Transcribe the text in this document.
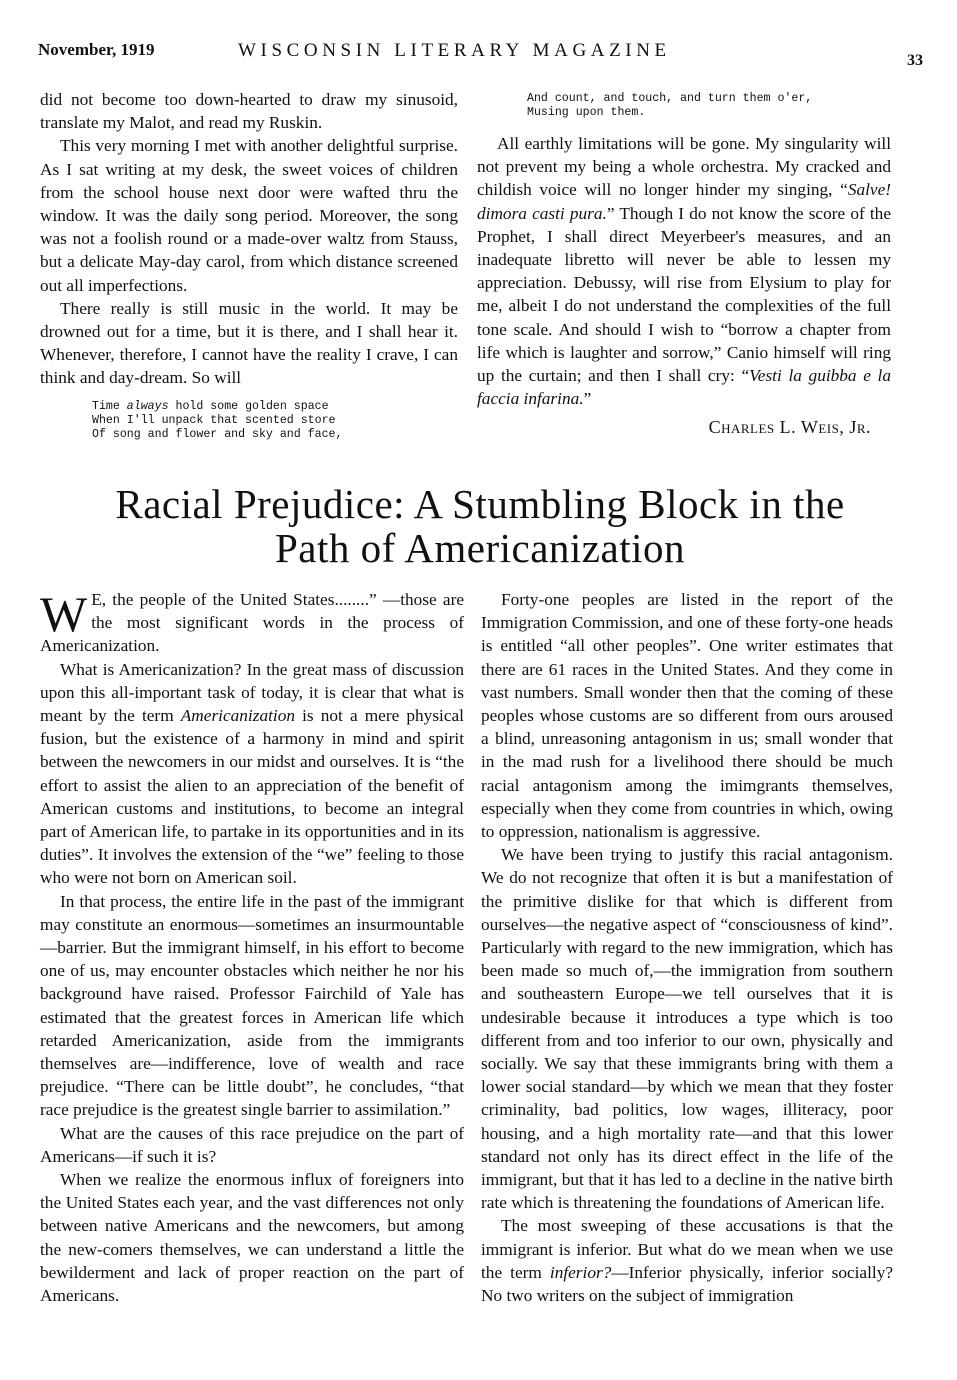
November, 1919	WISCONSIN LITERARY MAGAZINE	33

did not become too down-hearted to draw my sinusoid, translate my Malot, and read my Ruskin.

This very morning I met with another delightful surprise. As I sat writing at my desk, the sweet voices of children from the school house next door were wafted thru the window. It was the daily song period. Moreover, the song was not a foolish round or a made-over waltz from Stauss, but a delicate May-day carol, from which distance screened out all imperfections.

There really is still music in the world. It may be drowned out for a time, but it is there, and I shall hear it. Whenever, therefore, I cannot have the reality I crave, I can think and day-dream. So will

Time always hold some golden space
When I'll unpack that scented store
Of song and flower and sky and face,
And count, and touch, and turn them o'er,
Musing upon them.

All earthly limitations will be gone. My singularity will not prevent my being a whole orchestra. My cracked and childish voice will no longer hinder my singing, “Salve! dimora casti pura.” Though I do not know the score of the Prophet, I shall direct Meyerbeer's measures, and an inadequate libretto will never be able to lessen my appreciation. Debussy, will rise from Elysium to play for me, albeit I do not understand the complexities of the full tone scale. And should I wish to “borrow a chapter from life which is laughter and sorrow,” Canio himself will ring up the curtain; and then I shall cry: “Vesti la guibba e la faccia infarina.”

Charles L. Weis, Jr.
Racial Prejudice: A Stumbling Block in the
Path of Americanization

W E, the people of the United States........” —those are the most significant words in the process of Americanization.

What is Americanization? In the great mass of discussion upon this all-important task of today, it is clear that what is meant by the term Americanization is not a mere physical fusion, but the existence of a harmony in mind and spirit between the newcomers in our midst and ourselves. It is “the effort to assist the alien to an appreciation of the benefit of American customs and institutions, to become an integral part of American life, to partake in its opportunities and in its duties”. It involves the extension of the “we” feeling to those who were not born on American soil.

In that process, the entire life in the past of the immigrant may constitute an enormous—sometimes an insurmountable—barrier. But the immigrant himself, in his effort to become one of us, may encounter obstacles which neither he nor his background have raised. Professor Fairchild of Yale has estimated that the greatest forces in American life which retarded Americanization, aside from the immigrants themselves are—indifference, love of wealth and race prejudice. “There can be little doubt”, he concludes, “that race prejudice is the greatest single barrier to assimilation.”

What are the causes of this race prejudice on the part of Americans—if such it is?

When we realize the enormous influx of foreigners into the United States each year, and the vast differences not only between native Americans and the newcomers, but among the new-comers themselves, we can understand a little the bewilderment and lack of proper reaction on the part of Americans.

Forty-one peoples are listed in the report of the Immigration Commission, and one of these forty-one heads is entitled “all other peoples”. One writer estimates that there are 61 races in the United States. And they come in vast numbers. Small wonder then that the coming of these peoples whose customs are so different from ours aroused a blind, unreasoning antagonism in us; small wonder that in the mad rush for a livelihood there should be much racial antagonism among the imimgrants themselves, especially when they come from countries in which, owing to oppression, nationalism is aggressive.

We have been trying to justify this racial antagonism. We do not recognize that often it is but a manifestation of the primitive dislike for that which is different from ourselves—the negative aspect of “consciousness of kind”. Particularly with regard to the new immigration, which has been made so much of,—the immigration from southern and southeastern Europe—we tell ourselves that it is undesirable because it introduces a type which is too different from and too inferior to our own, physically and socially. We say that these immigrants bring with them a lower social standard—by which we mean that they foster criminality, bad politics, low wages, illiteracy, poor housing, and a high mortality rate—and that this lower standard not only has its direct effect in the life of the immigrant, but that it has led to a decline in the native birth rate which is threatening the foundations of American life.

The most sweeping of these accusations is that the immigrant is inferior. But what do we mean when we use the term inferior?—Inferior physically, inferior socially? No two writers on the subject of immigration
